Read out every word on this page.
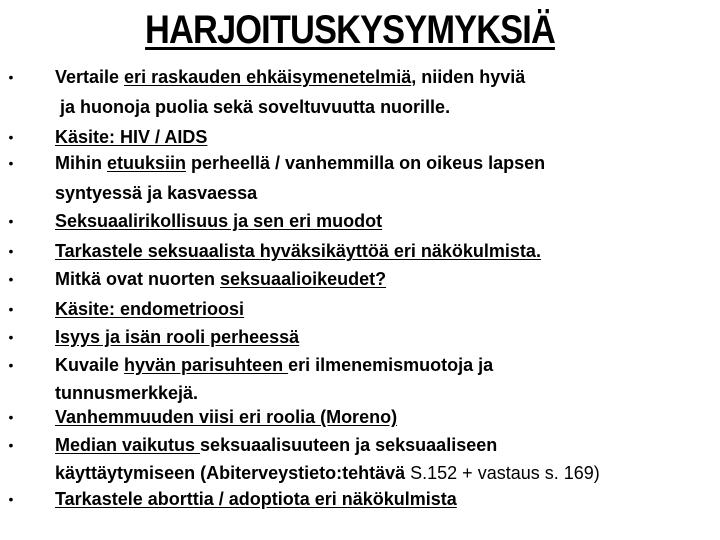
HARJOITUSKYSYMYKSIÄ
• Vertaile eri raskauden ehkäisymenetelmiä, niiden hyviä
ja huonoja puolia sekä soveltuvuutta nuorille.
• Käsite: HIV / AIDS
• Mihin etuuksiin perheellä / vanhemmilla on oikeus lapsen
syntyessä ja kasvaessa
• Seksuaalirikollisuus ja sen eri muodot
• Tarkastele seksuaalista hyväksikäyttöä eri näkökulmista.
• Mitkä ovat nuorten seksuaalioikeudet?
• Käsite: endometrioosi
• Isyys ja isän rooli perheessä
• Kuvaile hyvän parisuhteen eri ilmenemismuotoja ja
tunnusmerkkejä.
• Vanhemmuuden viisi eri roolia (Moreno)
• Median vaikutus seksuaalisuuteen ja seksuaaliseen
käyttäytymiseen (Abiterveystieto:tehtävä S.152 + vastaus s. 169)
• Tarkastele aborttia / adoptiota eri näkökulmista
